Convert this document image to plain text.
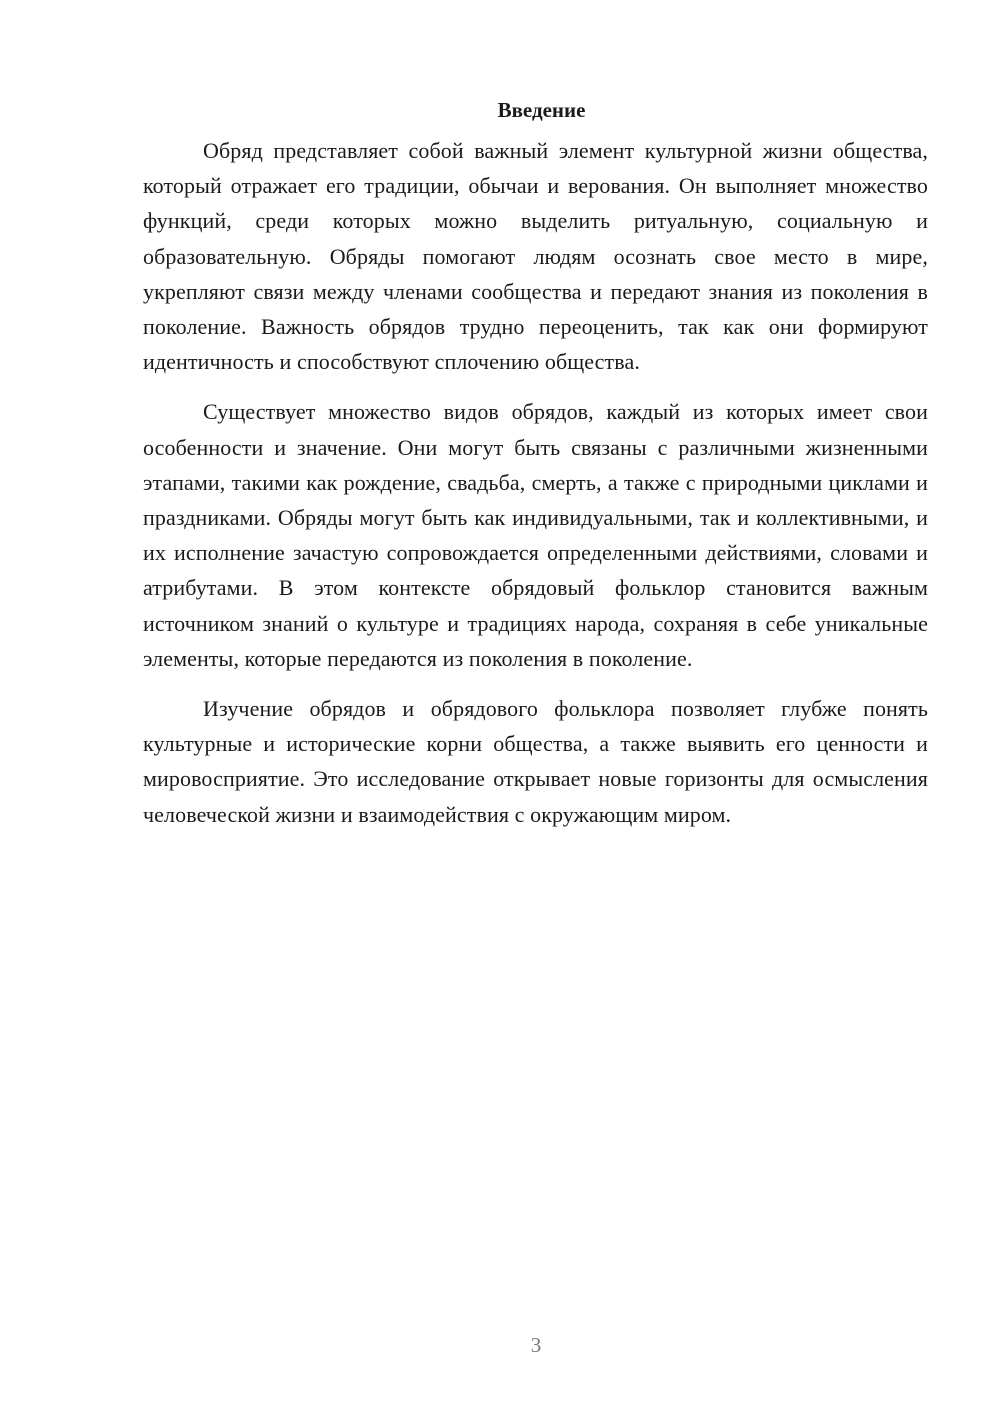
Введение

Обряд представляет собой важный элемент культурной жизни общества, который отражает его традиции, обычаи и верования. Он выполняет множество функций, среди которых можно выделить ритуальную, социальную и образовательную. Обряды помогают людям осознать свое место в мире, укрепляют связи между членами сообщества и передают знания из поколения в поколение. Важность обрядов трудно переоценить, так как они формируют идентичность и способствуют сплочению общества.

Существует множество видов обрядов, каждый из которых имеет свои особенности и значение. Они могут быть связаны с различными жизненными этапами, такими как рождение, свадьба, смерть, а также с природными циклами и праздниками. Обряды могут быть как индивидуальными, так и коллективными, и их исполнение зачастую сопровождается определенными действиями, словами и атрибутами. В этом контексте обрядовый фольклор становится важным источником знаний о культуре и традициях народа, сохраняя в себе уникальные элементы, которые передаются из поколения в поколение.

Изучение обрядов и обрядового фольклора позволяет глубже понять культурные и исторические корни общества, а также выявить его ценности и мировосприятие. Это исследование открывает новые горизонты для осмысления человеческой жизни и взаимодействия с окружающим миром.

3
